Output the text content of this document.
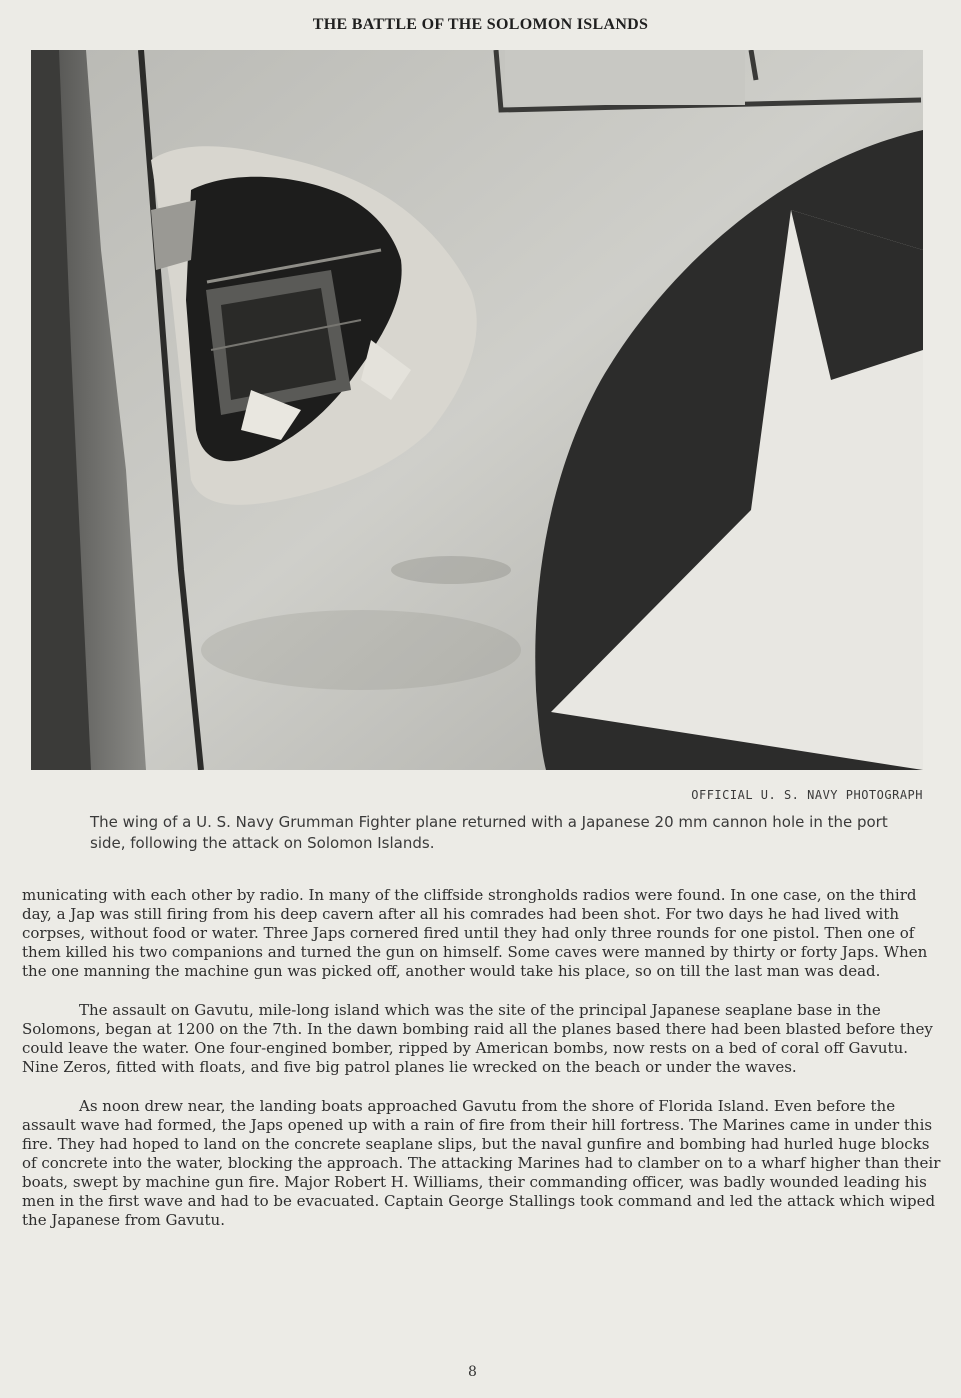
THE BATTLE OF THE SOLOMON ISLANDS
OFFICIAL U. S. NAVY PHOTOGRAPH
The wing of a U. S. Navy Grumman Fighter plane returned with a Japanese 20 mm cannon hole in the port side, following the attack on Solomon Islands.

municating with each other by radio. In many of the cliffside strongholds radios were found. In one case, on the third day, a Jap was still firing from his deep cavern after all his comrades had been shot. For two days he had lived with corpses, without food or water. Three Japs cornered fired until they had only three rounds for one pistol. Then one of them killed his two companions and turned the gun on himself. Some caves were manned by thirty or forty Japs. When the one manning the machine gun was picked off, another would take his place, so on till the last man was dead.

The assault on Gavutu, mile-long island which was the site of the principal Japanese seaplane base in the Solomons, began at 1200 on the 7th. In the dawn bombing raid all the planes based there had been blasted before they could leave the water. One four-engined bomber, ripped by American bombs, now rests on a bed of coral off Gavutu. Nine Zeros, fitted with floats, and five big patrol planes lie wrecked on the beach or under the waves.

As noon drew near, the landing boats approached Gavutu from the shore of Florida Island. Even before the assault wave had formed, the Japs opened up with a rain of fire from their hill fortress. The Marines came in under this fire. They had hoped to land on the concrete seaplane slips, but the naval gunfire and bombing had hurled huge blocks of concrete into the water, blocking the approach. The attacking Marines had to clamber on to a wharf higher than their boats, swept by machine gun fire. Major Robert H. Williams, their commanding officer, was badly wounded leading his men in the first wave and had to be evacuated. Captain George Stallings took command and led the attack which wiped the Japanese from Gavutu.

8
